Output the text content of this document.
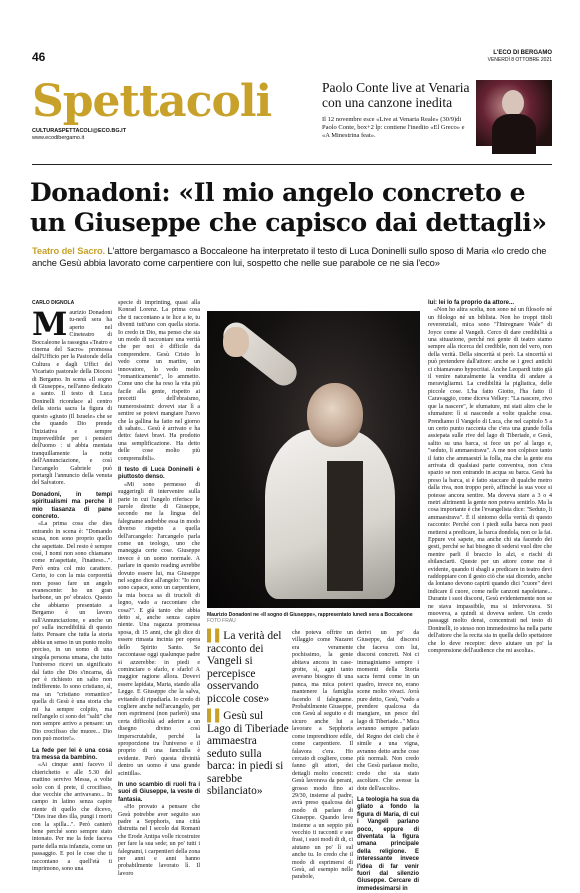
46	L'ECO DI BERGAMO
VENERDÌ 8 OTTOBRE 2021
Spettacoli
CULTURASPETTACOLI@ECO.BG.IT
www.ecodibergamo.it
Paolo Conte live at Venaria con una canzone inedita
Il 12 novembre esce «Live at Venaria Reale» (30/9)di Paolo Conte, box+2 lp: contiene l'inedito «El Greco» e «A Minestrina feat».
Donadoni: «Il mio angelo concreto e un Giuseppe che capisco dai dettagli»
Teatro del Sacro. L'attore bergamasco a Boccaleone ha interpretato il testo di Luca Doninelli sullo sposo di Maria «Io credo che anche Gesù abbia lavorato come carpentiere con lui, sospetto che nelle sue parabole ce ne sia l'eco»
CARLO DIGNOLA

Maurizio Donadoni tu-nedì sera ha aperto nel Cineteatro di Boccaleone la rassegna «Teatro e cinema del Sacro» promossa dall'Ufficio per la Pastorale della Cultura e dagli Uffici del Vicariato pastorale della Diocesi di Bergamo. In scena «Il sogno di Giuseppe», nell'anno dedicato a santo. Il testo di Luca Doninelli ricondace al centro della storia sacra la figura di questo «giusto (Il Israele» che se che quando Dio prende l'iniziativa e sempre imprevedibile per i pensieri dell'uomo : si abbia mentata tranquillamente la notte dell'Annunciazione, e così l'arcangelo Gabriele può portargli l'annuncio della venuta del Salvatore.

Donadoni, in tempi spiritualismi ma perche il mio tiasanza di pane concreto.

«La prima cosa che dies entrando in scena è: "Domando scusa, non sono proprio quello che aspettate. Del resto è sempre così, I nomi non sono chiamano come m'aspettate, l'inatteso...". Però entra col mio carattere. Certo, io con la mia corporeità non posso fare un angelo evanescente: ho un gran barbone, un po' ebraico. Questo che abbiamo presentato a Bergamo è un lavoro sull'Annunciazione, e anche un po' sulla incredibilità di questo fatto. Pensare che tutta la storia abbia un senso in un punto molto preciso, in un uomo di una singola persona umana, che tutto l'universo ricevi un significato dal fatto che Dio s'incarna, dà per è richiesto un salto non indifferente. Io sono cristiano, sì, ma un "cristiano romantico" quella di Gesù è una storia che mi ha sempre colpito, ma nell'angelo ci sono dei "salti" che non sempre arrivo a pensare: un Dio crocifisso che muore... Dio non può morire!».

La fede per lei è una cosa tra messa da bambino.

«Ai cinque anni facevo il chierichetto e alle 5.30 del mattino servivo Messa, a volte solo con il prete, il crocifisso, due vecchie che arrivavano... In campo in latino senza capire niente di quello che dicevo, "Dies irae dies illa, pungi i morti con la spilla...". Però canterò bene perché sono sempre stato intonato. Per me la fede faceva parte della mia infanzia, come un passaggio. E poi le cose che ti raccontano a quell'età ti imprimono, sono una

specie di imprinting, quasi alla Konrad Lorenz. La prima cosa che ti raccontano a te lice a te, tu diventi tutt'uno con quella storia. Io credo in Dio, ma penso che sia un modo di raccontare una verità che per noi è difficile da comprendere. Gesù Cristo lo vedo come un martire, un innovatore, lo vedo molto "romanticamente", lo ammetto. Come uno che ha reso la vita più facile alla gente, rispetto ai precetti dell'ebraismo, numerosissimi: dovevi star lì a sentire se potevi mangiare l'uovo che la gallina ha fatto nel giorno di sabato... Gesù è arrivato e ha detto: fatevi bravi. Ha prodotto una semplificazione. Ha detto delle cose molto più comprensibili».

Il testo di Luca Doninelli è piuttosto denso.

«Mi sono permesso di suggerirgli di intervenire sulla parte in cui l'angelo riferisce le parole dirette di Giuseppe, secondo me la lingua del falegname andrebbe essa in modo diverso rispetto a quella dell'arcangelo: l'arcangelo parla come un teologo, uno che maneggia certe cose. Giuseppe invece è un uomo normale. A parlare in questo reading avrebbe dovuto essere lui, ma Giuseppe nel sogno dice all'angelo: "Io non sono capace, sono un carpentiere, la mia bocca sa di trucioli di legno, vado a raccontare che cosa?". E già tanto che abbia detto sì, anche senza capire niente. Una ragazza promessa sposa, di 15 anni, che gli dice di essere rimasta incinta per opera dello Spirito Santo. Se raccontasse oggi qualunque padre si azzerebbe: in piedi e cominciare o sfarlo, e sfarlo! A maggior ragione allora. Dovevi essere lapidata, Maria, stando alla Legge. E Giuseppe che la salva, evitando di ripudiarla. Io credo di cogliere anche nell'arcangelo, per non esprimersi (non parlerò) una certa difficoltà ad aderire a un disegno divino così imperscrutabile, perché la sproporzione tra l'universo e il proprio di una fanciulla è evidente. Però questa divinità dentro un uomo è una grande scintilla».

In uno scambio di ruoli fra i suoi di Giuseppe, la veste di fantasia.

«Ho provato a pensare che Gesù potrebbe aver seguito suo padre a Sepphoris, una città distrutta nel I secolo dai Romani che Erode Antipa volle ricostruire per fare la sua sede; un po' tutti i falegnami, i carpentieri della zona per anni e anni hanno probabilmente lavorato lì. Il lavoro

Maurizio Donadoni ne «Il sogno di Giuseppe», rappresentato lunedì sera a Boccaleone FOTO FRAU
▌▌La verità del racconto dei Vangeli si percepisce osservando piccole cose»
▌▌Gesù sul Lago di Tiberiade ammaestra seduto sulla barca: in piedi si sarebbe sbilanciato»

che poteva offrire un villaggio come Nazaret era veramente pochissimo, la gente abitava ancora in case-grotte, sì, agni tanto avevano bisogno di una panca, ma mica potevi mantenere la famiglia facendo il falegname. Probabilmente Giuseppe, con Gesù al seguito e di sicuro anche lui a lavorare a Sepphoris come imprenditore edile, come carpentiere. Il falavora c'era. Ho cercato di cogliere, come fanno gli attori, dei dettagli molto concreti: Gesù lavorava da perani, grosso modo fino ai 29/30, insieme al padre, avrà preso qualcosa del modo di parlare di Giuseppe. Quando leve insieme a un seppio più vecchio ti racconti e sue frasi, i suoi modi di di, ci aiutano un po' lì sul anche tu. Io credo che il modo di esprimersi di Gesù, ad esempio nelle parabole,

derivi un po' da Giuseppe, dai discorsi che faceva con lui, discorsi concreti. Noi ci immaginiamo sempre i momenti della Storia sacra fermi come in un quadro, invece no, erano scene molto vivaci. Avrà pure detto, Gesù, "vado a prendere qualcosa da mangiare, un pesce del lago di Tiberiade..." Mica avranno sempre parlato del Regno dei cieli che è simile a una vigna, avranno detto anche cose più normali. Non credo che Gesù parlasse molto, credo che sia stato ascoltare. Che avesse la dote dell'ascolto».

La teologia ha sua da gliato a fondo la figura di Maria, di cui i Vangeli parlano poco, eppure di diventata la figura umana principale della religione. E interessante invece l'idea di far venir fuori dal silenzio Giuseppe. Cercare di immedesimarsi in

lui: lei lo fa proprio da attore...

«Non ho altra scelta, non sono né un filosofo né un filologo né un biblista. Non ho troppi titoli reverenziali, mica sono "l'Intregnare Wale" di Joyce come al Vangeli. Cerco di dare credibilità a una situazione, perché noi gente di teatro siamo sempre alla ricerca del credibile, non del vero, non della verità. Della sincerità si però. La sincerità si può pretendere dall'attore: anche se i greci antichi ci chiamavano hypocritai. Anche Leopardi tutto già il venire naturalmente la vendita di andare a meravigliarmi. La credibilità la pigliatica, delle piccole cose. L'ha fatto Giotto, l'ha fatto il Caravaggio, come diceva Velkey: "La nascere, rivo que la nascere", le sfumature, mi stati altro che le sfumature: lì si nasconde a volte qualche cosa. Prendiamo il Vangelo di Luca, che nel capitolo 5 a un certo punto racconta che c'era una grande folla assiepata sulle rive del lago di Tiberiade, e Gesù, salito su una barca, si fece un po' al largo e, "seduto, li ammaestrava". A me non colpisce tanto il fatto che ammaestrì la folla, ma che la gente era arrivata di qualsiasi parte conveniva, non c'era spazio se non entrando in acqua su barca. Gesù ha preso la barca, si è fatto staccare di qualche metro dalla riva, non troppo però, affinché la sua voce si potesse ancora sentire. Ma doveva stare a 3 o 4 metri altrimenti la gente non poteva sentirlo. Ma la cosa importante è che l'evangelista dice: "Seduto, li ammaestrava". È il sintomo della verità di questo racconto: Perché con i piedi sulla barca non puoi mettersi a predicare, la barca dondola, non ce la fai. Eppure voi sapete, ma anche chi sta facendo dei gesti, perché se hai bisogno di sedersi vuol dire che mentre parli il braccio lo alzi, e rischi di sbilanciarti. Queste per un attore come me è evidente, quando ti sbagli a predicare in teatro devi raddoppiare con il gesto ciò che stai dicendo, anche da lontano devono capirti quando dici "cuore" devi indicare il cuore, come nelle canzoni napoletane... Durante i suoi discorsi, Gesù evidentemente non se ne stava impassibile, ma si infervorava. Si muoveva, a quindi si doveva sedere. Un credo passaggi molto densi, concentrati nel testo di Doninelli, io stesso non immedesimo ha nella parte dell'attore che la recita sia in quella dello spettatore che lo deve recepire: devo aiutare un po' la comprensione dell'audience che mi ascolta».
